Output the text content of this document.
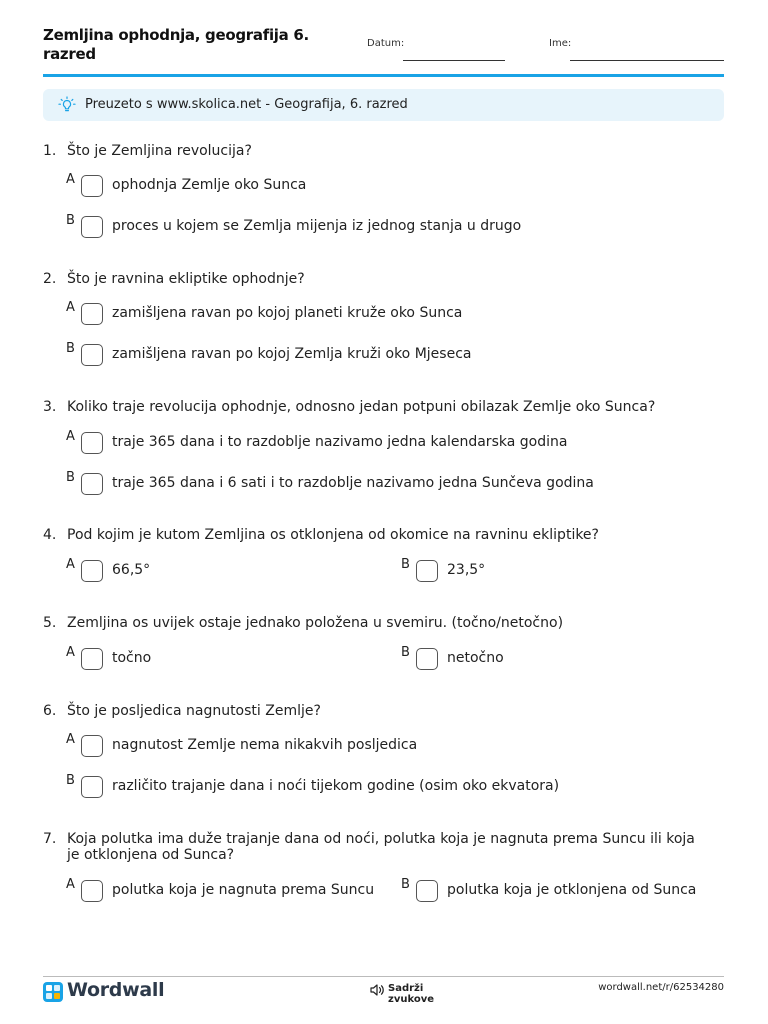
Zemljina ophodnja, geografija 6. razred
Datum:	Ime:
Preuzeto s www.skolica.net - Geografija, 6. razred
1. Što je Zemljina revolucija?
A	ophodnja Zemlje oko Sunca
B	proces u kojem se Zemlja mijenja iz jednog stanja u drugo
2. Što je ravnina ekliptike ophodnje?
A	zamišljena ravan po kojoj planeti kruže oko Sunca
B	zamišljena ravan po kojoj Zemlja kruži oko Mjeseca
3. Koliko traje revolucija ophodnje, odnosno jedan potpuni obilazak Zemlje oko Sunca?
A	traje 365 dana i to razdoblje nazivamo jedna kalendarska godina
B	traje 365 dana i 6 sati i to razdoblje nazivamo jedna Sunčeva godina
4. Pod kojim je kutom Zemljina os otklonjena od okomice na ravninu ekliptike?
A	66,5°	B	23,5°
5. Zemljina os uvijek ostaje jednako položena u svemiru. (točno/netočno)
A	točno	B	netočno
6. Što je posljedica nagnutosti Zemlje?
A	nagnutost Zemlje nema nikakvih posljedica
B	različito trajanje dana i noći tijekom godine (osim oko ekvatora)
7. Koja polutka ima duže trajanje dana od noći, polutka koja je nagnuta prema Suncu ili koja je otklonjena od Sunca?
A	polutka koja je nagnuta prema Suncu B	polutka koja je otklonjena od Sunca
Wordwall	Sadrži zvukove
wordwall.net/r/62534280
